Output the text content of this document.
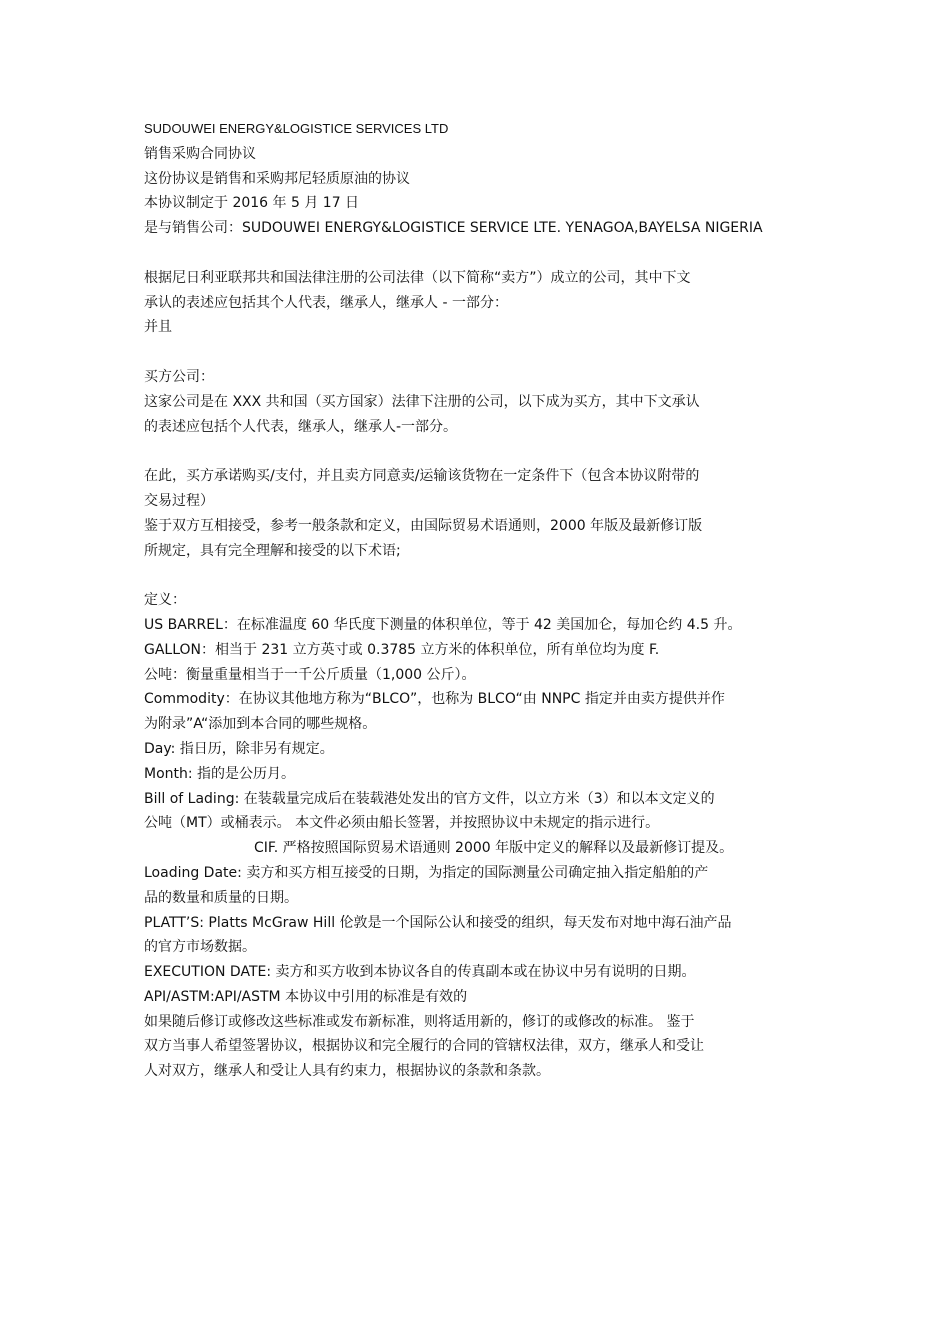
SUDOUWEI ENERGY&LOGISTICE SERVICES LTD
销售采购合同协议
这份协议是销售和采购邦尼轻质原油的协议
本协议制定于 2016 年 5 月 17 日
是与销售公司：SUDOUWEI ENERGY&LOGISTICE SERVICE LTE. YENAGOA,BAYELSA NIGERIA
根据尼日利亚联邦共和国法律注册的公司法律（以下简称“卖方”）成立的公司，其中下文
承认的表述应包括其个人代表，继承人，继承人 - 一部分：
并且
买方公司：
这家公司是在 XXX 共和国（买方国家）法律下注册的公司，以下成为买方，其中下文承认
的表述应包括个人代表，继承人，继承人-一部分。
在此，买方承诺购买/支付，并且卖方同意卖/运输该货物在一定条件下（包含本协议附带的
交易过程）
鉴于双方互相接受，参考一般条款和定义，由国际贸易术语通则，2000 年版及最新修订版
所规定，具有完全理解和接受的以下术语;
定义：
US BARREL：在标准温度 60 华氏度下测量的体积单位，等于 42 美国加仑，每加仑约 4.5 升。
GALLON：相当于 231 立方英寸或 0.3785 立方米的体积单位，所有单位均为度 F.
公吨：衡量重量相当于一千公斤质量（1,000 公斤）。
Commodity：在协议其他地方称为“BLCO”，也称为 BLCO“由 NNPC 指定并由卖方提供并作
为附录”A“添加到本合同的哪些规格。
Day: 指日历，除非另有规定。
Month: 指的是公历月。
Bill of Lading: 在装载量完成后在装载港处发出的官方文件，以立方米（3）和以本文定义的
公吨（MT）或桶表示。 本文件必须由船长签署，并按照协议中未规定的指示进行。
CIF. 严格按照国际贸易术语通则 2000 年版中定义的解释以及最新修订提及。
Loading Date: 卖方和买方相互接受的日期，为指定的国际测量公司确定抽入指定船舶的产
品的数量和质量的日期。
PLATT’S: Platts McGraw Hill 伦敦是一个国际公认和接受的组织，每天发布对地中海石油产品
的官方市场数据。
EXECUTION DATE: 卖方和买方收到本协议各自的传真副本或在协议中另有说明的日期。
API/ASTM:API/ASTM 本协议中引用的标准是有效的
如果随后修订或修改这些标准或发布新标准，则将适用新的，修订的或修改的标准。 鉴于
双方当事人希望签署协议，根据协议和完全履行的合同的管辖权法律，双方，继承人和受让
人对双方，继承人和受让人具有约束力，根据协议的条款和条款。
